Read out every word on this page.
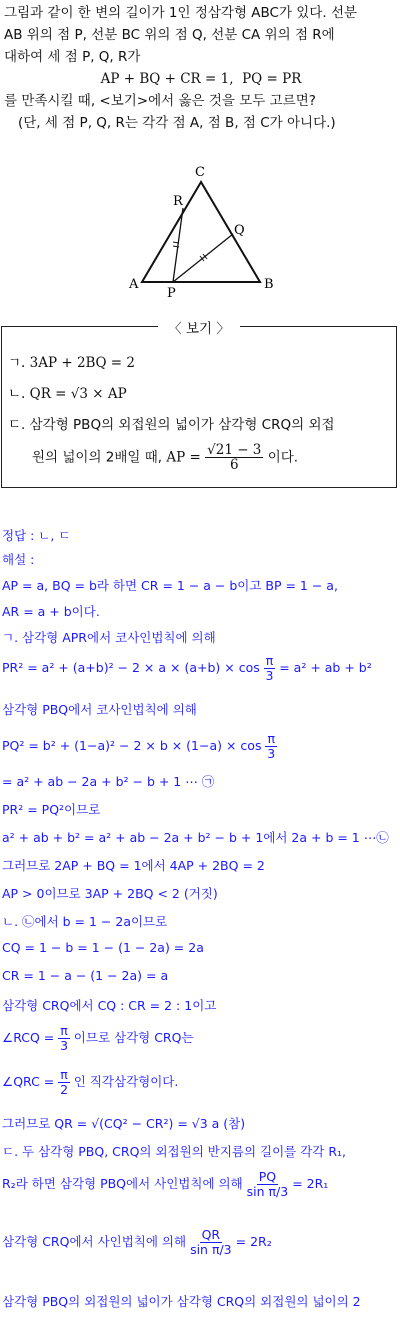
그림과 같이 한 변의 길이가 1인 정삼각형 ABC가 있다. 선분

AB 위의 점 P, 선분 BC 위의 점 Q, 선분 CA 위의 점 R에

대하여 세 점 P, Q, R가

AP + BQ + CR = 1, PQ = PR

를 만족시킬 때, <보기>에서 옳은 것을 모두 고르면?

(단, 세 점 P, Q, R는 각각 점 A, 점 B, 점 C가 아니다.)

C
R
Q
A
P
B
〈 보기 〉
ㄱ. 3AP + 2BQ = 2
ㄴ. QR = √3 × AP
ㄷ. 삼각형 PBQ의 외접원의 넓이가 삼각형 CRQ의 외접
원의 넓이의 2배일 때, AP = $\frac{√21 - 3}{6}$ 이다.
정답 : ㄴ, ㄷ
해설 :
AP = a, BQ = b라 하면 CR = 1 − a − b이고 BP = 1 − a,
AR = a + b이다.
ㄱ. 삼각형 APR에서 코사인법칙에 의해
$PR^2 = a^2 + (a+b)^2 - 2 \times a \times (a+b) \times \cos \frac{\pi}{3} = a^2$ + ab + b²
삼각형 PBQ에서 코사인법칙에 의해
$PQ^2 = b^2 + (1-a)^2 - 2 \times b \times (1-a) \times \cos \frac{\pi}{3}$
= a² + ab − 2a + b² − b + 1 ⋯ ㉠
PR² = PQ²이므로
a² + ab + b² = a² + ab − 2a + b² − b + 1에서 2a + b = 1 ⋯㉡
그러므로 2AP + BQ = 1에서 4AP + 2BQ = 2
AP > 0이므로 3AP + 2BQ < 2 (거짓)
ㄴ. ㉡에서 b = 1 − 2a이므로
CQ = 1 − b = 1 − (1 − 2a) = 2a
CR = 1 − a − (1 − 2a) = a
삼각형 CRQ에서 CQ : CR = 2 : 1이고
∠RCQ = $\frac{\pi}{3}$ 이므로 삼각형 CRQ는
∠QRC = $\frac{\pi}{2}$ 인 직각삼각형이다.
그러므로 QR = √(CQ² − CR²) = √3 a (참)
ㄷ. 두 삼각형 PBQ, CRQ의 외접원의 반지름의 길이를 각각 R₁,
R₂라 하면 삼각형 PBQ에서 사인법칙에 의해 $\frac{PQ}{\text{sin π/3}} = 2R_1$
삼각형 CRQ에서 사인법칙에 의해 $\frac{QR}{\text{sin π/3}} = 2R_2$
삼각형 PBQ의 외접원의 넓이가 삼각형 CRQ의 외접원의 넓이의 2
